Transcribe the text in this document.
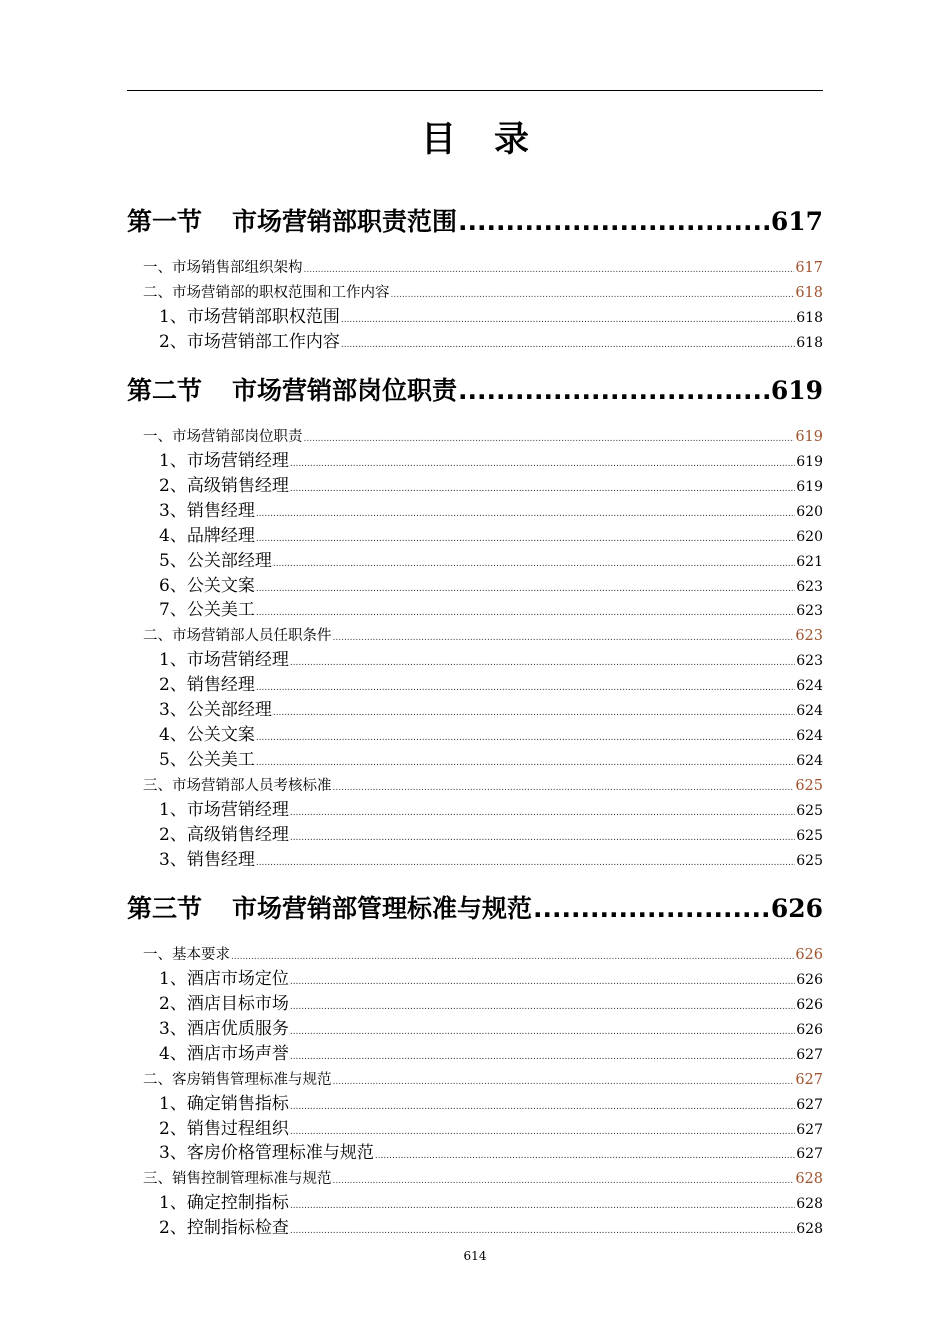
目 录
第一节 市场营销部职责范围 .....	617
一、市场销售部组织架构 .....	617
二、市场营销部的职权范围和工作内容 .....	618
1、市场营销部职权范围 .....	618
2、市场营销部工作内容 .....	618
第二节 市场营销部岗位职责 .....	619
一、市场营销部岗位职责 .....	619
1、市场营销经理 .....	619
2、高级销售经理 .....	619
3、销售经理 .....	620
4、品牌经理 .....	620
5、公关部经理 .....	621
6、公关文案 .....	623
7、公关美工 .....	623
二、市场营销部人员任职条件 .....	623
1、市场营销经理 .....	623
2、销售经理 .....	624
3、公关部经理 .....	624
4、公关文案 .....	624
5、公关美工 .....	624
三、市场营销部人员考核标准 .....	625
1、市场营销经理 .....	625
2、高级销售经理 .....	625
3、销售经理 .....	625
第三节 市场营销部管理标准与规范 .....	626
一、基本要求 .....	626
1、酒店市场定位 .....	626
2、酒店目标市场 .....	626
3、酒店优质服务 .....	626
4、酒店市场声誉 .....	627
二、客房销售管理标准与规范 .....	627
1、确定销售指标 .....	627
2、销售过程组织 .....	627
3、客房价格管理标准与规范 .....	627
三、销售控制管理标准与规范 .....	628
1、确定控制指标 .....	628
2、控制指标检查 .....	628
614
